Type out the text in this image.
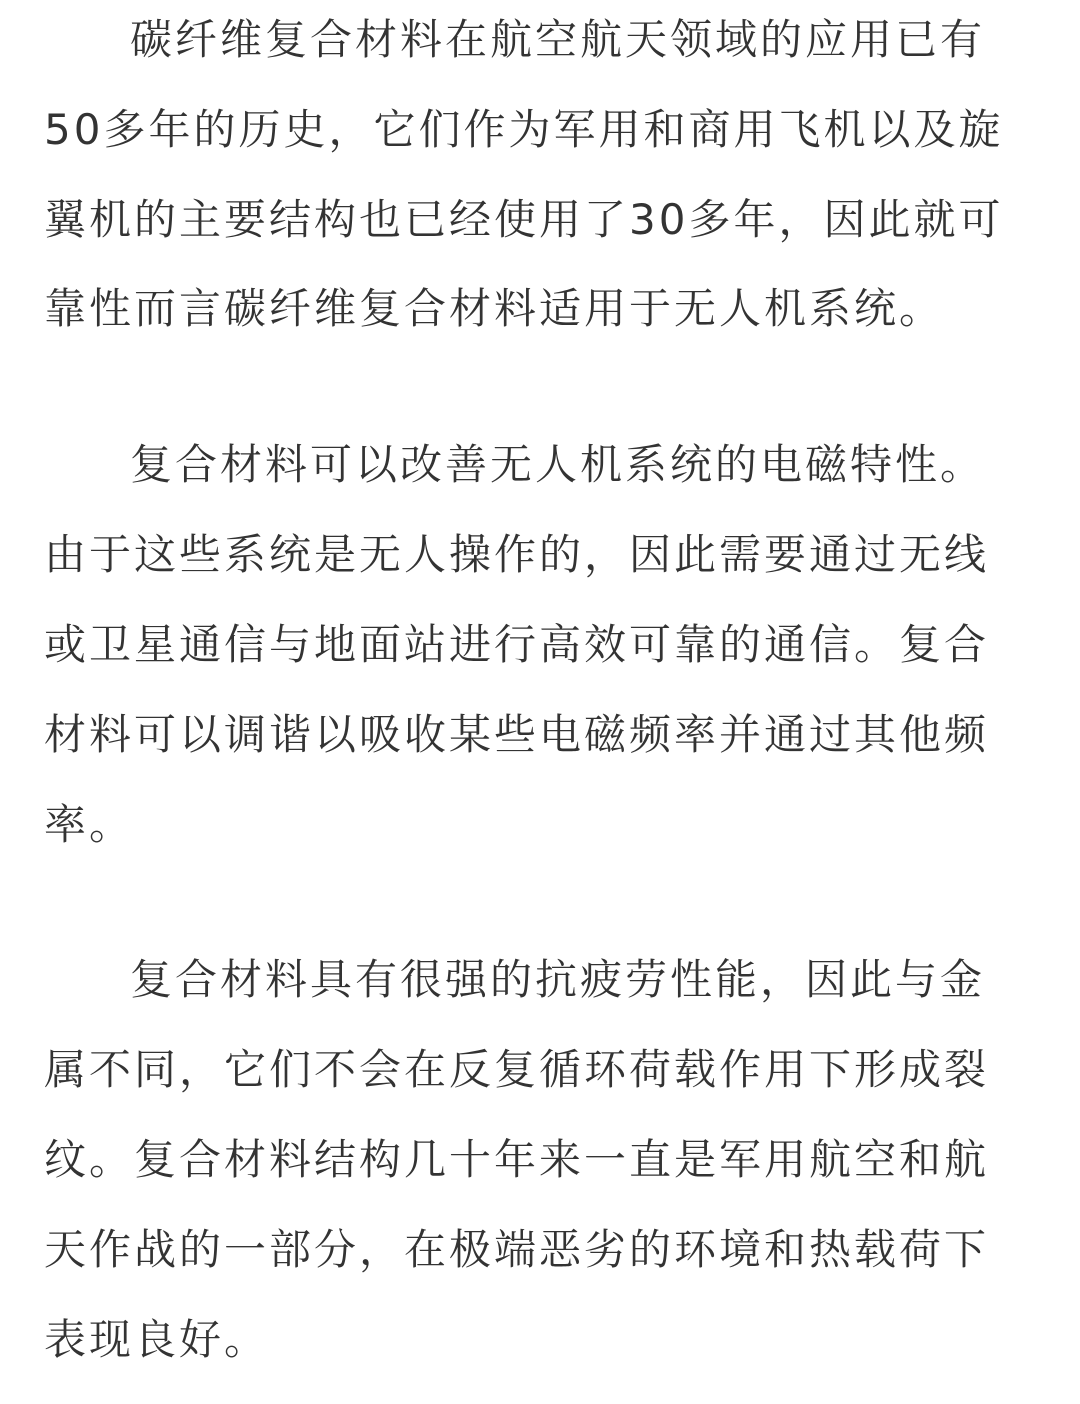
碳纤维复合材料在航空航天领域的应用已有
50多年的历史，它们作为军用和商用飞机以及旋
翼机的主要结构也已经使用了30多年，因此就可
靠性而言碳纤维复合材料适用于无人机系统。
复合材料可以改善无人机系统的电磁特性。
由于这些系统是无人操作的，因此需要通过无线
或卫星通信与地面站进行高效可靠的通信。复合
材料可以调谐以吸收某些电磁频率并通过其他频
率。
复合材料具有很强的抗疲劳性能，因此与金
属不同，它们不会在反复循环荷载作用下形成裂
纹。复合材料结构几十年来一直是军用航空和航
天作战的一部分，在极端恶劣的环境和热载荷下
表现良好。
